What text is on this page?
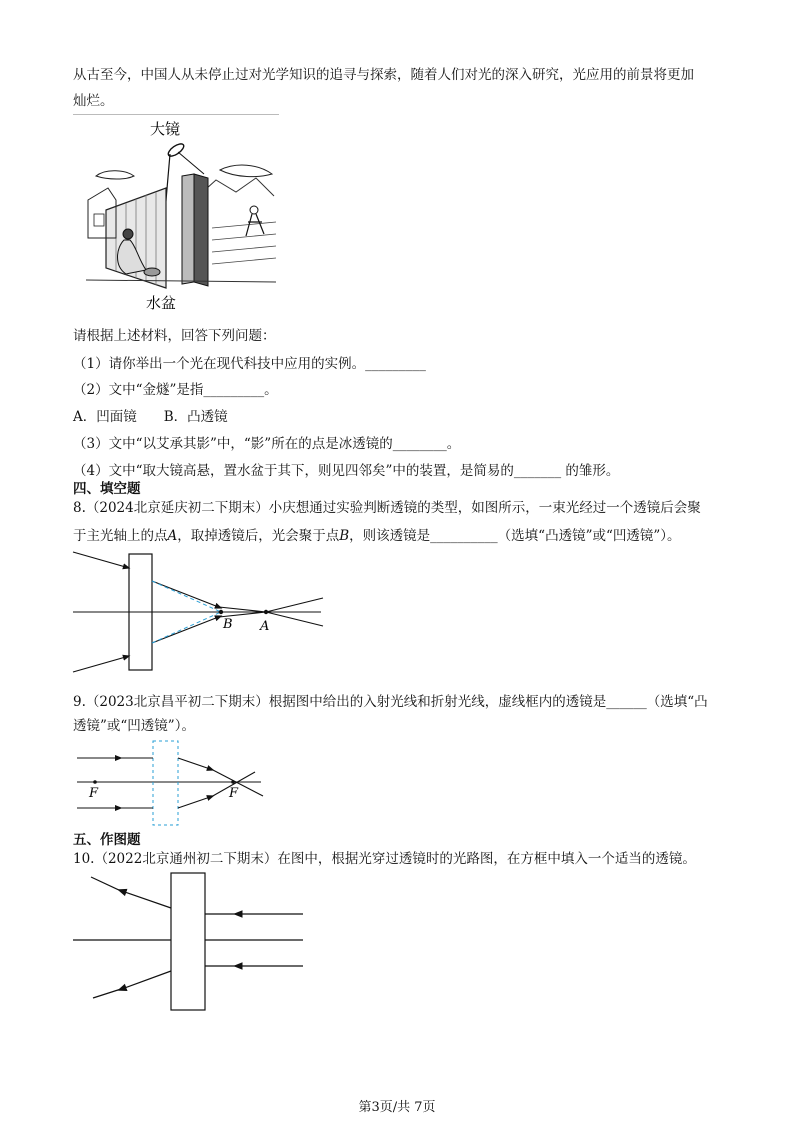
从古至今，中国人从未停止过对光学知识的追寻与探索，随着人们对光的深入研究，光应用的前景将更加
灿烂。
大镜
水盆
请根据上述材料，回答下列问题：
（1）请你举出一个光在现代科技中应用的实例。_________
（2）文中“金燧”是指_________。
A．凹面镜　　B．凸透镜
（3）文中“以艾承其影”中，“影”所在的点是冰透镜的________。
（4）文中“取大镜高悬，置水盆于其下，则见四邻矣”中的装置，是简易的_______ 的雏形。
四、填空题
8.（2024北京延庆初二下期末）小庆想通过实验判断透镜的类型，如图所示，一束光经过一个透镜后会聚
于主光轴上的点A，取掉透镜后，光会聚于点B，则该透镜是__________（选填“凸透镜”或“凹透镜”）。
B A
9.（2023北京昌平初二下期末）根据图中给出的入射光线和折射光线，虚线框内的透镜是______（选填“凸
透镜”或“凹透镜”）。
F	F
五、作图题
10.（2022北京通州初二下期末）在图中，根据光穿过透镜时的光路图，在方框中填入一个适当的透镜。
第3页/共 7页
